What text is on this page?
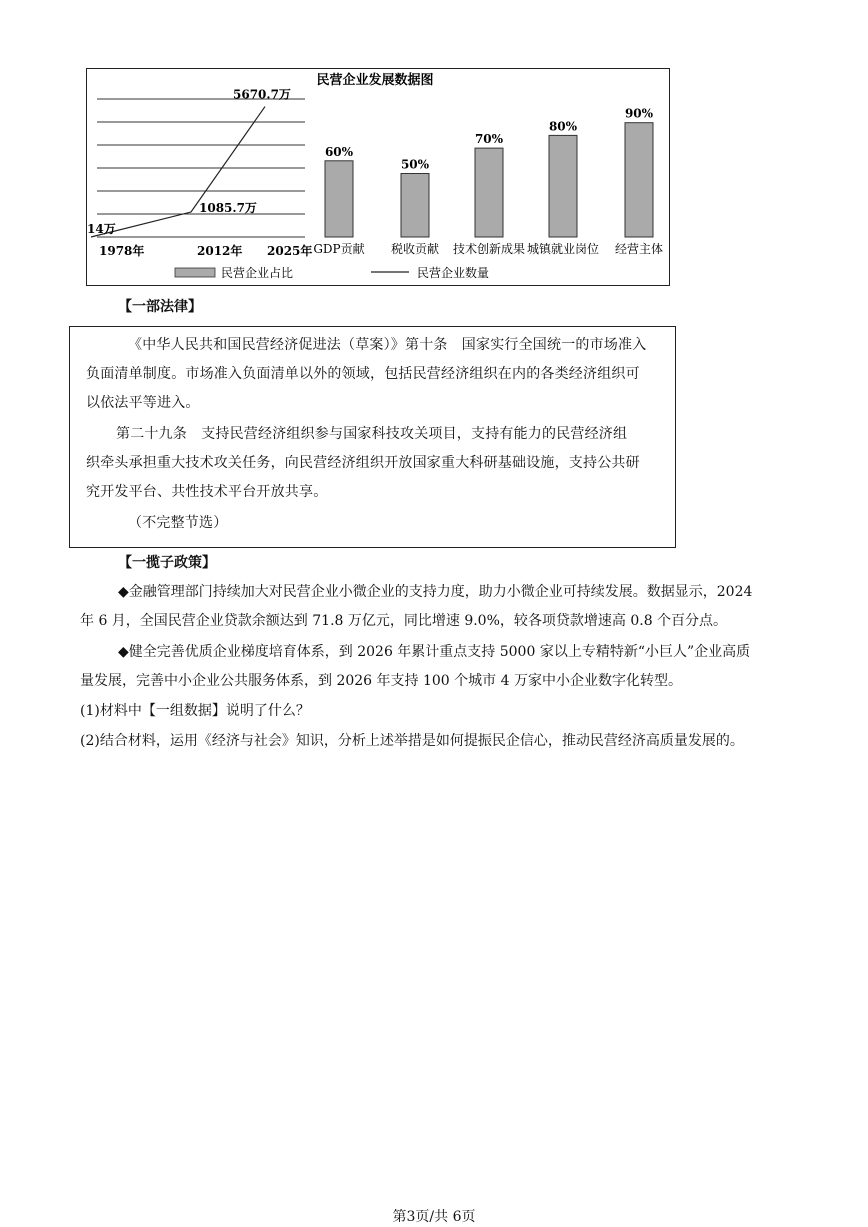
民营企业发展数据图
1978年	2012年 2025年
14万
1085.7万
5670.7万
60%
GDP贡献
50%
税收贡献
70%
技术创新成果
80%
城镇就业岗位
90%
经营主体
民营企业占比	民营企业数量
【一部法律】
《中华人民共和国民营经济促进法（草案）》第十条　国家实行全国统一的市场准入
负面清单制度。市场准入负面清单以外的领域，包括民营经济组织在内的各类经济组织可
以依法平等进入。
第二十九条　支持民营经济组织参与国家科技攻关项目，支持有能力的民营经济组
织牵头承担重大技术攻关任务，向民营经济组织开放国家重大科研基础设施，支持公共研
究开发平台、共性技术平台开放共享。
（不完整节选）
【一揽子政策】
◆金融管理部门持续加大对民营企业小微企业的支持力度，助力小微企业可持续发展。数据显示，2024
年 6 月，全国民营企业贷款余额达到 71.8 万亿元，同比增速 9.0%，较各项贷款增速高 0.8 个百分点。
◆健全完善优质企业梯度培育体系，到 2026 年累计重点支持 5000 家以上专精特新“小巨人”企业高质
量发展，完善中小企业公共服务体系，到 2026 年支持 100 个城市 4 万家中小企业数字化转型。
(1)材料中【一组数据】说明了什么？
(2)结合材料，运用《经济与社会》知识，分析上述举措是如何提振民企信心，推动民营经济高质量发展的。
第3页/共 6页
